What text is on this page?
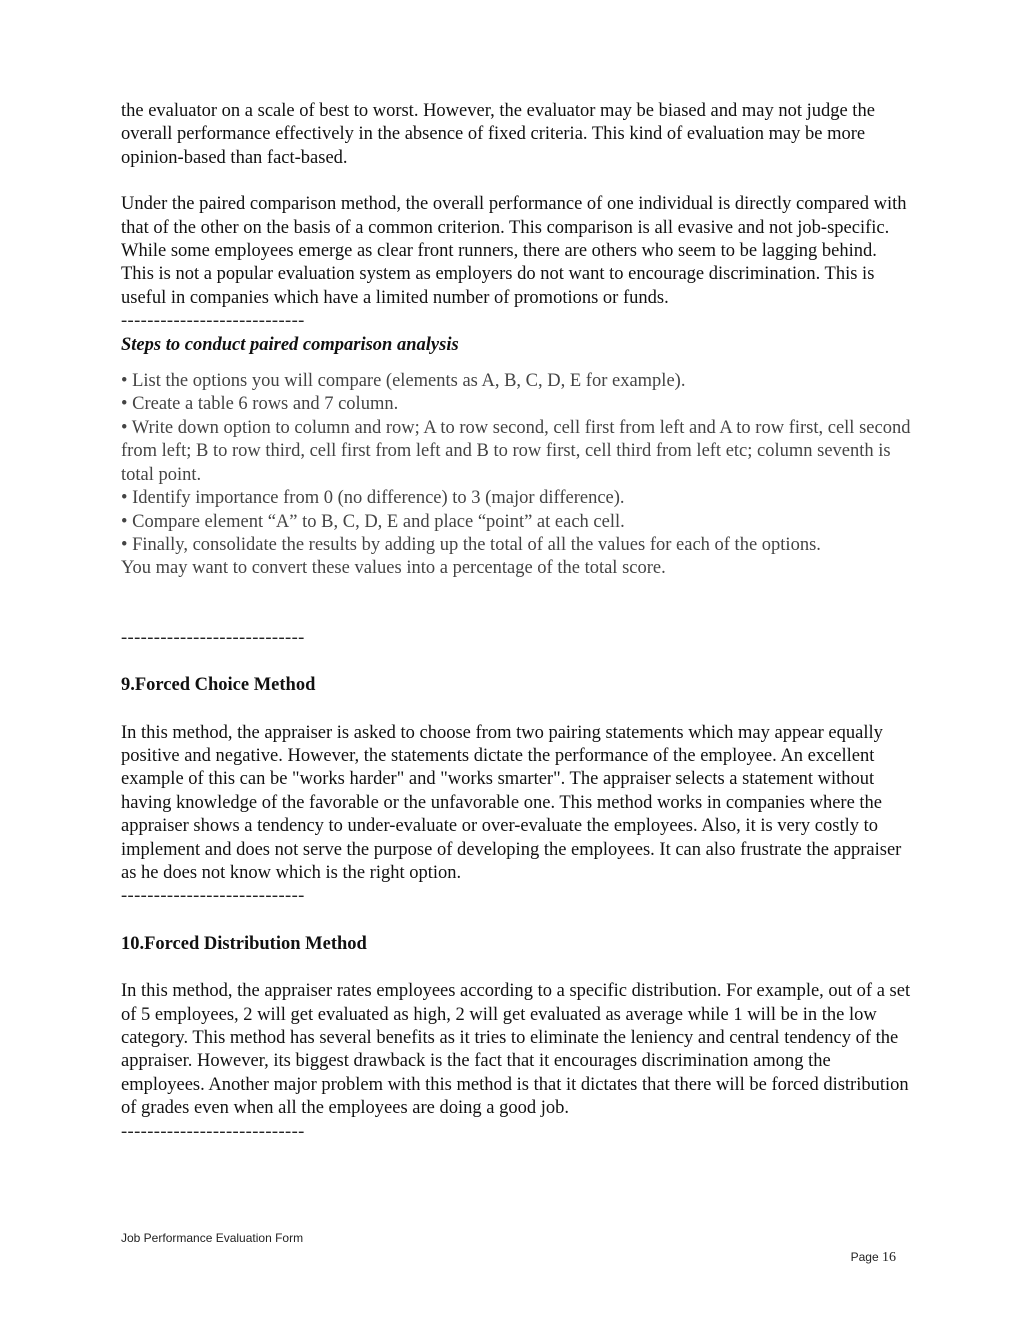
the evaluator on a scale of best to worst. However, the evaluator may be biased and may not judge the overall performance effectively in the absence of fixed criteria. This kind of evaluation may be more opinion-based than fact-based.

Under the paired comparison method, the overall performance of one individual is directly compared with that of the other on the basis of a common criterion. This comparison is all evasive and not job-specific. While some employees emerge as clear front runners, there are others who seem to be lagging behind. This is not a popular evaluation system as employers do not want to encourage discrimination. This is useful in companies which have a limited number of promotions or funds.

----------------------------

Steps to conduct paired comparison analysis

• List the options you will compare (elements as A, B, C, D, E for example).
• Create a table 6 rows and 7 column.
• Write down option to column and row; A to row second, cell first from left and A to row first, cell second from left; B to row third, cell first from left and B to row first, cell third from left etc; column seventh is total point.
• Identify importance from 0 (no difference) to 3 (major difference).
• Compare element “A” to B, C, D, E and place “point” at each cell.
• Finally, consolidate the results by adding up the total of all the values for each of the options.

You may want to convert these values into a percentage of the total score.

----------------------------

9.Forced Choice Method

In this method, the appraiser is asked to choose from two pairing statements which may appear equally positive and negative. However, the statements dictate the performance of the employee. An excellent example of this can be "works harder" and "works smarter". The appraiser selects a statement without having knowledge of the favorable or the unfavorable one. This method works in companies where the appraiser shows a tendency to under-evaluate or over-evaluate the employees. Also, it is very costly to implement and does not serve the purpose of developing the employees. It can also frustrate the appraiser as he does not know which is the right option.

----------------------------

10.Forced Distribution Method

In this method, the appraiser rates employees according to a specific distribution. For example, out of a set of 5 employees, 2 will get evaluated as high, 2 will get evaluated as average while 1 will be in the low category. This method has several benefits as it tries to eliminate the leniency and central tendency of the appraiser. However, its biggest drawback is the fact that it encourages discrimination among the employees. Another major problem with this method is that it dictates that there will be forced distribution of grades even when all the employees are doing a good job.

----------------------------

Job Performance Evaluation Form
Page 16
